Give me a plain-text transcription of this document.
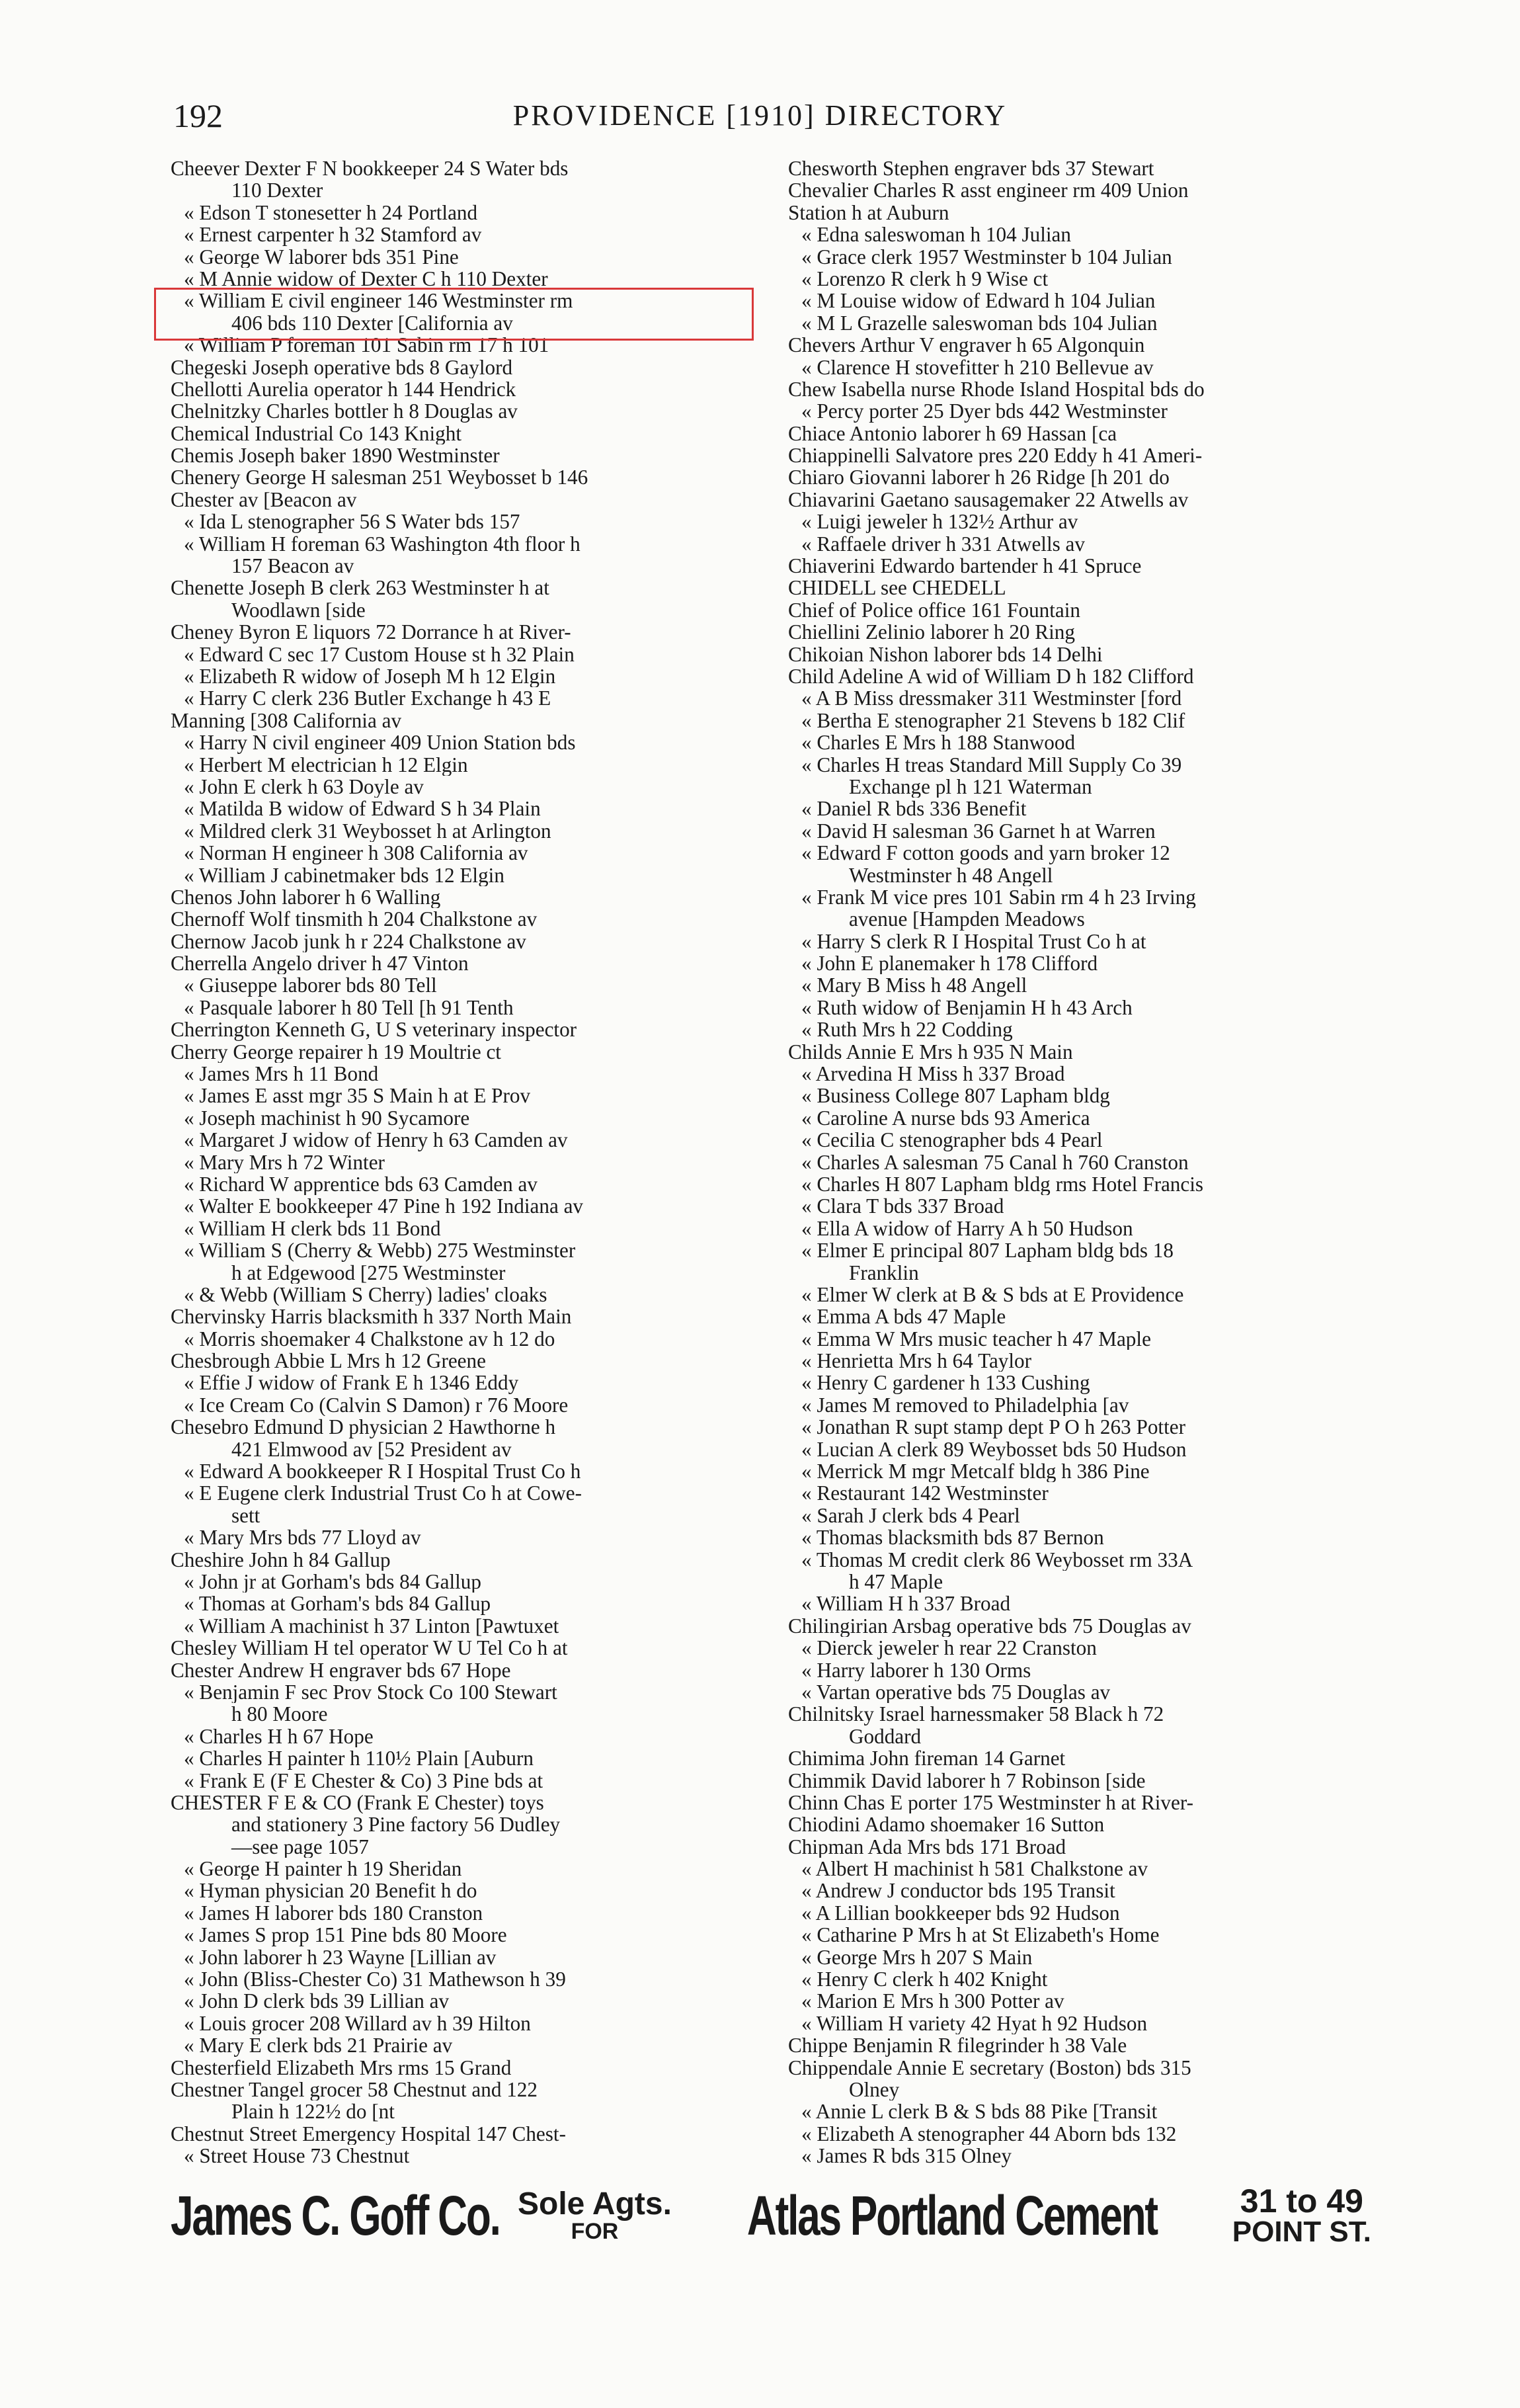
PROVIDENCE [1910] DIRECTORY
192
Cheever Dexter F N bookkeeper 24 S Water bds
110 Dexter
« Edson T stonesetter h 24 Portland
« Ernest carpenter h 32 Stamford av
« George W laborer bds 351 Pine
« M Annie widow of Dexter C h 110 Dexter
« William E civil engineer 146 Westminster rm
406 bds 110 Dexter [California av
« William P foreman 101 Sabin rm 17 h 101
Chegeski Joseph operative bds 8 Gaylord
Chellotti Aurelia operator h 144 Hendrick
Chelnitzky Charles bottler h 8 Douglas av
Chemical Industrial Co 143 Knight
Chemis Joseph baker 1890 Westminster
Chenery George H salesman 251 Weybosset b 146
Chester av [Beacon av
« Ida L stenographer 56 S Water bds 157
« William H foreman 63 Washington 4th floor h
157 Beacon av
Chenette Joseph B clerk 263 Westminster h at
Woodlawn [side
Cheney Byron E liquors 72 Dorrance h at River-
« Edward C sec 17 Custom House st h 32 Plain
« Elizabeth R widow of Joseph M h 12 Elgin
« Harry C clerk 236 Butler Exchange h 43 E
Manning [308 California av
« Harry N civil engineer 409 Union Station bds
« Herbert M electrician h 12 Elgin
« John E clerk h 63 Doyle av
« Matilda B widow of Edward S h 34 Plain
« Mildred clerk 31 Weybosset h at Arlington
« Norman H engineer h 308 California av
« William J cabinetmaker bds 12 Elgin
Chenos John laborer h 6 Walling
Chernoff Wolf tinsmith h 204 Chalkstone av
Chernow Jacob junk h r 224 Chalkstone av
Cherrella Angelo driver h 47 Vinton
« Giuseppe laborer bds 80 Tell
« Pasquale laborer h 80 Tell [h 91 Tenth
Cherrington Kenneth G, U S veterinary inspector
Cherry George repairer h 19 Moultrie ct
« James Mrs h 11 Bond
« James E asst mgr 35 S Main h at E Prov
« Joseph machinist h 90 Sycamore
« Margaret J widow of Henry h 63 Camden av
« Mary Mrs h 72 Winter
« Richard W apprentice bds 63 Camden av
« Walter E bookkeeper 47 Pine h 192 Indiana av
« William H clerk bds 11 Bond
« William S (Cherry & Webb) 275 Westminster
h at Edgewood [275 Westminster
« & Webb (William S Cherry) ladies' cloaks
Chervinsky Harris blacksmith h 337 North Main
« Morris shoemaker 4 Chalkstone av h 12 do
Chesbrough Abbie L Mrs h 12 Greene
« Effie J widow of Frank E h 1346 Eddy
« Ice Cream Co (Calvin S Damon) r 76 Moore
Chesebro Edmund D physician 2 Hawthorne h
421 Elmwood av [52 President av
« Edward A bookkeeper R I Hospital Trust Co h
« E Eugene clerk Industrial Trust Co h at Cowe-
sett
« Mary Mrs bds 77 Lloyd av
Cheshire John h 84 Gallup
« John jr at Gorham's bds 84 Gallup
« Thomas at Gorham's bds 84 Gallup
« William A machinist h 37 Linton [Pawtuxet
Chesley William H tel operator W U Tel Co h at
Chester Andrew H engraver bds 67 Hope
« Benjamin F sec Prov Stock Co 100 Stewart
h 80 Moore
« Charles H h 67 Hope
« Charles H painter h 110½ Plain [Auburn
« Frank E (F E Chester & Co) 3 Pine bds at
CHESTER F E & CO (Frank E Chester) toys
and stationery 3 Pine factory 56 Dudley
—see page 1057
« George H painter h 19 Sheridan
« Hyman physician 20 Benefit h do
« James H laborer bds 180 Cranston
« James S prop 151 Pine bds 80 Moore
« John laborer h 23 Wayne [Lillian av
« John (Bliss-Chester Co) 31 Mathewson h 39
« John D clerk bds 39 Lillian av
« Louis grocer 208 Willard av h 39 Hilton
« Mary E clerk bds 21 Prairie av
Chesterfield Elizabeth Mrs rms 15 Grand
Chestner Tangel grocer 58 Chestnut and 122
Plain h 122½ do [nt
Chestnut Street Emergency Hospital 147 Chest-
« Street House 73 Chestnut
Chesworth Stephen engraver bds 37 Stewart
Chevalier Charles R asst engineer rm 409 Union
Station h at Auburn
« Edna saleswoman h 104 Julian
« Grace clerk 1957 Westminster b 104 Julian
« Lorenzo R clerk h 9 Wise ct
« M Louise widow of Edward h 104 Julian
« M L Grazelle saleswoman bds 104 Julian
Chevers Arthur V engraver h 65 Algonquin
« Clarence H stovefitter h 210 Bellevue av
Chew Isabella nurse Rhode Island Hospital bds do
« Percy porter 25 Dyer bds 442 Westminster
Chiace Antonio laborer h 69 Hassan [ca
Chiappinelli Salvatore pres 220 Eddy h 41 Ameri-
Chiaro Giovanni laborer h 26 Ridge [h 201 do
Chiavarini Gaetano sausagemaker 22 Atwells av
« Luigi jeweler h 132½ Arthur av
« Raffaele driver h 331 Atwells av
Chiaverini Edwardo bartender h 41 Spruce
CHIDELL see CHEDELL
Chief of Police office 161 Fountain
Chiellini Zelinio laborer h 20 Ring
Chikoian Nishon laborer bds 14 Delhi
Child Adeline A wid of William D h 182 Clifford
« A B Miss dressmaker 311 Westminster [ford
« Bertha E stenographer 21 Stevens b 182 Clif
« Charles E Mrs h 188 Stanwood
« Charles H treas Standard Mill Supply Co 39
Exchange pl h 121 Waterman
« Daniel R bds 336 Benefit
« David H salesman 36 Garnet h at Warren
« Edward F cotton goods and yarn broker 12
Westminster h 48 Angell
« Frank M vice pres 101 Sabin rm 4 h 23 Irving
avenue [Hampden Meadows
« Harry S clerk R I Hospital Trust Co h at
« John E planemaker h 178 Clifford
« Mary B Miss h 48 Angell
« Ruth widow of Benjamin H h 43 Arch
« Ruth Mrs h 22 Codding
Childs Annie E Mrs h 935 N Main
« Arvedina H Miss h 337 Broad
« Business College 807 Lapham bldg
« Caroline A nurse bds 93 America
« Cecilia C stenographer bds 4 Pearl
« Charles A salesman 75 Canal h 760 Cranston
« Charles H 807 Lapham bldg rms Hotel Francis
« Clara T bds 337 Broad
« Ella A widow of Harry A h 50 Hudson
« Elmer E principal 807 Lapham bldg bds 18
Franklin
« Elmer W clerk at B & S bds at E Providence
« Emma A bds 47 Maple
« Emma W Mrs music teacher h 47 Maple
« Henrietta Mrs h 64 Taylor
« Henry C gardener h 133 Cushing
« James M removed to Philadelphia [av
« Jonathan R supt stamp dept P O h 263 Potter
« Lucian A clerk 89 Weybosset bds 50 Hudson
« Merrick M mgr Metcalf bldg h 386 Pine
« Restaurant 142 Westminster
« Sarah J clerk bds 4 Pearl
« Thomas blacksmith bds 87 Bernon
« Thomas M credit clerk 86 Weybosset rm 33A
h 47 Maple
« William H h 337 Broad
Chilingirian Arsbag operative bds 75 Douglas av
« Dierck jeweler h rear 22 Cranston
« Harry laborer h 130 Orms
« Vartan operative bds 75 Douglas av
Chilnitsky Israel harnessmaker 58 Black h 72
Goddard
Chimima John fireman 14 Garnet
Chimmik David laborer h 7 Robinson [side
Chinn Chas E porter 175 Westminster h at River-
Chiodini Adamo shoemaker 16 Sutton
Chipman Ada Mrs bds 171 Broad
« Albert H machinist h 581 Chalkstone av
« Andrew J conductor bds 195 Transit
« A Lillian bookkeeper bds 92 Hudson
« Catharine P Mrs h at St Elizabeth's Home
« George Mrs h 207 S Main
« Henry C clerk h 402 Knight
« Marion E Mrs h 300 Potter av
« William H variety 42 Hyat h 92 Hudson
Chippe Benjamin R filegrinder h 38 Vale
Chippendale Annie E secretary (Boston) bds 315
Olney
« Annie L clerk B & S bds 88 Pike [Transit
« Elizabeth A stenographer 44 Aborn bds 132
« James R bds 315 Olney
James C. Goff Co. Sole Agts.
FOR Atlas Portland Cement	31 to 49
POINT ST.
